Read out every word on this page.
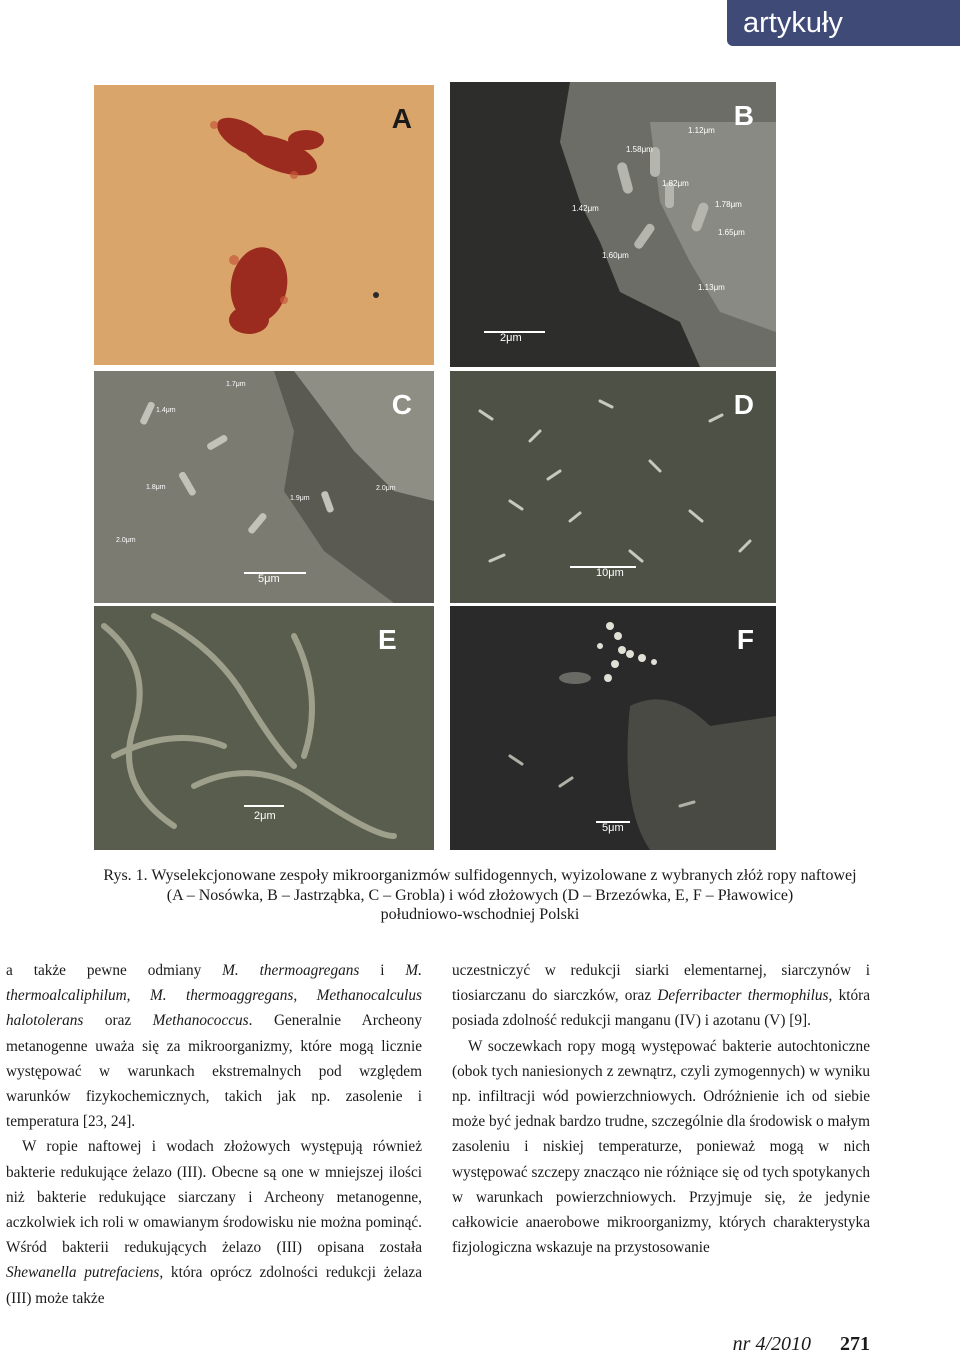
artykuły
A	1.12μm
1.58μm
1.82μm
1.42μm	1.78μm
1.65μm
1.60μm
1.13μm
2μm
B
1.7μm
1.4μm
1.8μm
1.9μm
2.0μm
2.0μm
5μm
C
10μm
D
2μm
E
5μm
F
Rys. 1. Wyselekcjonowane zespoły mikroorganizmów sulfidogennych, wyizolowane z wybranych złóż ropy naftowej
(A – Nosówka, B – Jastrząbka, C – Grobla) i wód złożowych (D – Brzezówka, E, F – Pławowice)
południowo-wschodniej Polski

a także pewne odmiany M. thermoagregans i M. thermoalcaliphilum, M. thermoaggregans, Methanocalculus halotolerans oraz Methanococcus. Generalnie Archeony metanogenne uważa się za mikroorganizmy, które mogą licznie występować w warunkach ekstremalnych pod względem warunków fizykochemicznych, takich jak np. zasolenie i temperatura [23, 24].

W ropie naftowej i wodach złożowych występują również bakterie redukujące żelazo (III). Obecne są one w mniejszej ilości niż bakterie redukujące siarczany i Archeony metanogenne, aczkolwiek ich roli w omawianym środowisku nie można pominąć. Wśród bakterii redukujących żelazo (III) opisana została Shewanella putrefaciens, która oprócz zdolności redukcji żelaza (III) może także

uczestniczyć w redukcji siarki elementarnej, siarczynów i tiosiarczanu do siarczków, oraz Deferribacter thermophilus, która posiada zdolność redukcji manganu (IV) i azotanu (V) [9].

W soczewkach ropy mogą występować bakterie autochtoniczne (obok tych naniesionych z zewnątrz, czyli zymogennych) w wyniku np. infiltracji wód powierzchniowych. Odróżnienie ich od siebie może być jednak bardzo trudne, szczególnie dla środowisk o małym zasoleniu i niskiej temperaturze, ponieważ mogą w nich występować szczepy znacząco nie różniące się od tych spotykanych w warunkach powierzchniowych. Przyjmuje się, że jedynie całkowicie anaerobowe mikroorganizmy, których charakterystyka fizjologiczna wskazuje na przystosowanie

nr 4/2010 271
